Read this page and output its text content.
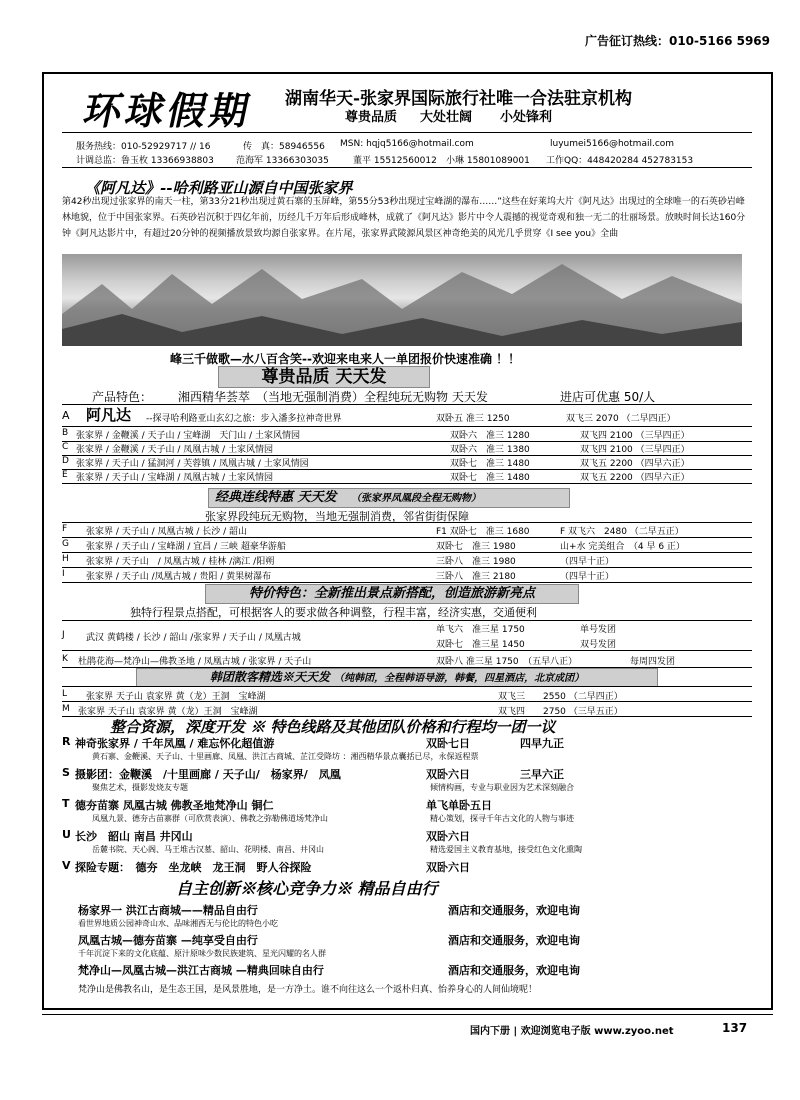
广告征订热线：010-5166 5969
环球假期 湖南华天-张家界国际旅行社唯一合法驻京机构
尊贵品质 大处壮阔 小处锋利
服务热线：010-52929717 // 16	传　真：58946556 MSN: hqjq5166@hotmail.com	luyumei5166@hotmail.com
计调总监：鲁玉枚 13366938803 范海军 13366303035	董平 15512560012 小琳 15801089001 工作QQ：448420284 452783153
《阿凡达》--哈利路亚山源自中国张家界
第42秒出现过张家界的南天一柱，第33分21秒出现过黄石寨的玉屏峰，第55分53秒出现过宝峰湖的瀑布……”这些在好莱坞大片《阿凡达》出现过的全球唯一的石英砂岩峰林地貌，位于中国张家界。石英砂岩沉积于四亿年前，历经几千万年后形成峰林，成就了《阿凡达》影片中令人震撼的视觉奇观和独一无二的壮丽场景。放映时间长达160分钟《阿凡达影片中，有超过20分钟的视频播放景致均源自张家界。在片尾，张家界武陵源风景区神奇绝美的风光几乎贯穿《I see you》全曲
峰三千做歌—水八百含笑--欢迎来电来人一单团报价快速准确 ！！
尊贵品质 天天发
产品特色： 湘西精华荟萃　（当地无强制消费）全程纯玩无购物 天天发	进店可优惠 50/人
A 阿凡达 --探寻哈利路亚山玄幻之旅：步入潘多拉神奇世界	双卧五 准三 1250	双飞三 2070 （二早四正）
B 张家界 / 金鞭溪 / 天子山 / 宝峰湖　天门山 / 土家风情园	双卧六　准三 1280	双飞四 2100 （三早四正）
C 张家界 / 金鞭溪 / 天子山 / 凤凰古城 / 土家风情园	双卧六　准三 1380	双飞四 2100 （三早四正）
D 张家界 / 天子山 / 猛洞河 / 芙蓉镇 / 凤凰古城 / 土家风情园	双卧七　准三 1480	双飞五 2200 （四早六正）
E 张家界 / 天子山 / 宝峰湖 / 凤凰古城 / 土家风情园	双卧七　准三 1480	双飞五 2200 （四早六正）
经典连线特惠 天天发 （张家界凤凰段全程无购物）
张家界段纯玩无购物，当地无强制消费，邻省街街保障
F 张家界 / 天子山 / 凤凰古城 / 长沙 / 韶山	F1 双卧七　准三 1680	F 双飞六　2480 （二早五正）
G 张家界 / 天子山 / 宝峰湖 / 宜昌 / 三峡 超豪华游船	双卧七　准三 1980	山+水 完美组合　（4 早 6 正）
H 张家界 / 天子山　/ 凤凰古城 / 桂林 /漓江 /阳朔	三卧八　准三 1980	（四早十正）
I 张家界 / 天子山 /凤凰古城 / 贵阳 / 黄果树瀑布	三卧八　准三 2180	（四早十正）
特价特色：全新推出景点新搭配，创造旅游新亮点
独特行程景点搭配，可根据客人的要求做各种调整，行程丰富，经济实惠，交通便利
J 武汉 黄鹤楼 / 长沙 / 韶山 /张家界 / 天子山 / 凤凰古城
单飞六　准三星 1750	单号发团
双卧七　准三星 1450	双号发团
K 杜鹃花海—梵净山—佛教圣地 / 凤凰古城 / 张家界 / 天子山	双卧八 准三星 1750　（五早八正）	每周四发团
韩团散客精选※天天发 （纯韩团，全程韩语导游，韩餐，四星酒店，北京成团）
L 张家界 天子山 袁家界 黄（龙）王洞　宝峰湖	双飞三　　2550 （二早四正）
M 张家界 天子山 袁家界 黄（龙）王洞　宝峰湖	双飞四　　2750 （三早五正）
整合资源，深度开发 ※ 特色线路及其他团队价格和行程均一团一议
R 神奇张家界 / 千年凤凰 / 难忘怀化超值游	双卧七日	四早九正
黄石寨、金鞭溪、天子山、十里画廊、凤凰、洪江古商城、芷江受降坊 ：湘西精华景点囊括已尽，永保返程票
S 摄影团：金鞭溪　/十里画廊 / 天子山/　杨家界/　凤凰	双卧六日	三早六正
聚焦艺术，摄影发烧友专题	倾情构画，专业与职业因为艺术深刻融合
T 德夯苗寨 凤凰古城 佛教圣地梵净山 铜仁	单飞单卧五日
凤凰九景、德夯古苗寨群（可欣赏表演）、佛教之弥勒佛道场梵净山	精心策划，探寻千年古文化的人物与事迹
U 长沙　韶山 南昌 井冈山	双卧六日
岳麓书院、天心阁、马王堆古汉墓、韶山、花明楼、南昌、井冈山	精选爱国主义教育基地，接受红色文化熏陶
V 探险专题：　德夯　坐龙峡　龙王洞　野人谷探险	双卧六日
自主创新※核心竞争力※ 精品自由行
杨家界一 洪江古商城——精品自由行	酒店和交通服务，欢迎电询
看世界地质公园神奇山水、品味湘西无与伦比的特色小吃
凤凰古城—德夯苗寨 —纯享受自由行	酒店和交通服务，欢迎电询
千年沉淀下来的文化底蕴、原汁原味少数民族建筑、星光闪耀的名人群
梵净山—凤凰古城—洪江古商城 —精典回味自由行	酒店和交通服务，欢迎电询
梵净山是佛教名山，是生态王国，是风景胜地，是一方净土。谁不向往这么一个返朴归真、怡养身心的人间仙境呢！
国内下册 | 欢迎浏览电子版 www.zyoo.net	137
